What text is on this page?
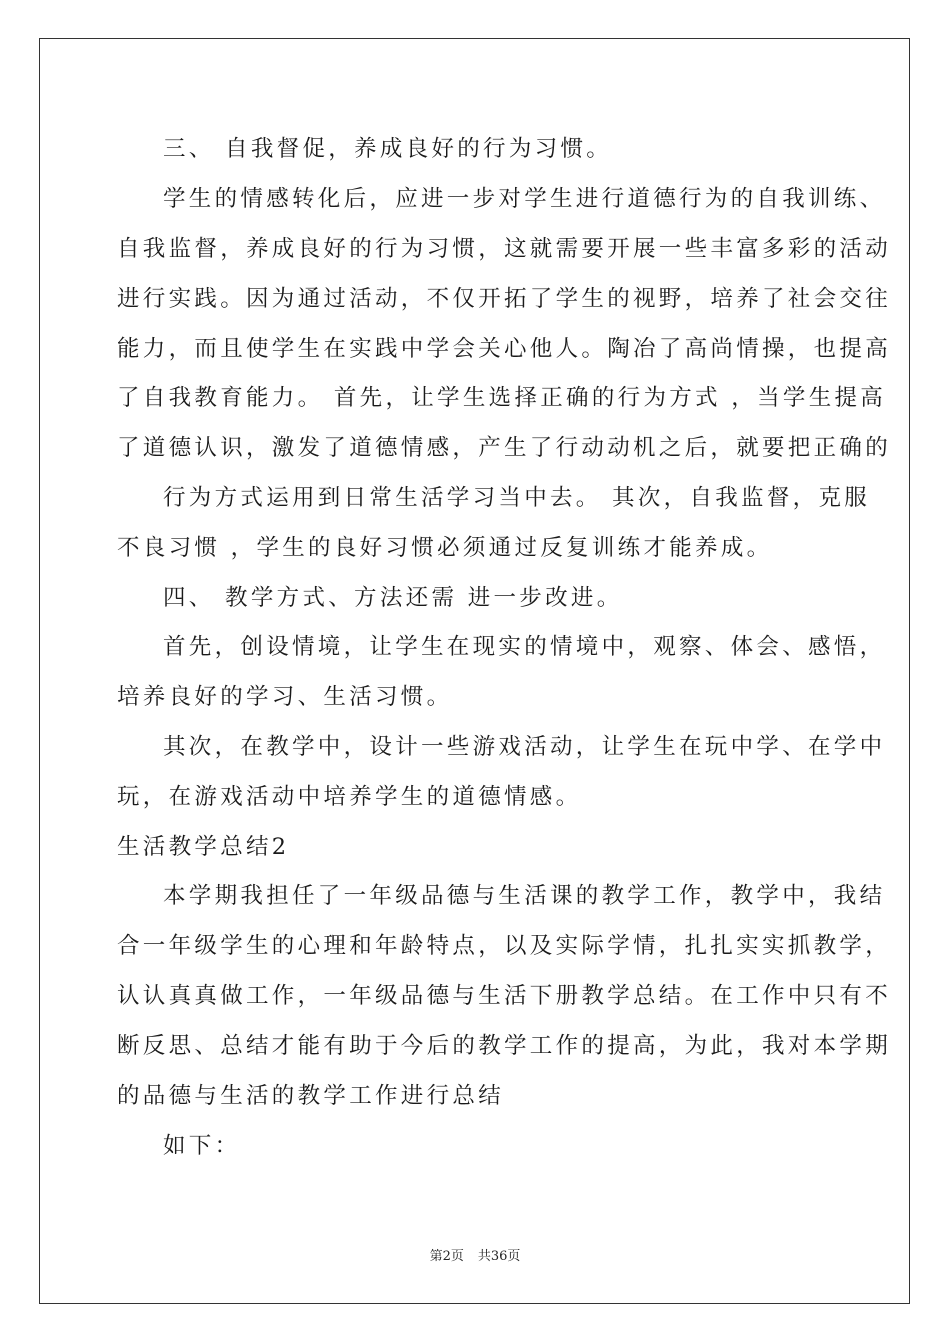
三、 自我督促，养成良好的行为习惯。
学生的情感转化后，应进一步对学生进行道德行为的自我训练、
自我监督，养成良好的行为习惯，这就需要开展一些丰富多彩的活动
进行实践。因为通过活动，不仅开拓了学生的视野，培养了社会交往
能力，而且使学生在实践中学会关心他人。陶冶了高尚情操，也提高
了自我教育能力。 首先，让学生选择正确的行为方式 ，当学生提高
了道德认识，激发了道德情感，产生了行动动机之后，就要把正确的
行为方式运用到日常生活学习当中去。 其次，自我监督，克服
不良习惯 ，学生的良好习惯必须通过反复训练才能养成。
四、 教学方式、方法还需 进一步改进。
首先，创设情境，让学生在现实的情境中，观察、体会、感悟，
培养良好的学习、生活习惯。
其次，在教学中，设计一些游戏活动，让学生在玩中学、在学中
玩，在游戏活动中培养学生的道德情感。
生活教学总结2
本学期我担任了一年级品德与生活课的教学工作，教学中，我结
合一年级学生的心理和年龄特点，以及实际学情，扎扎实实抓教学，
认认真真做工作，一年级品德与生活下册教学总结。在工作中只有不
断反思、总结才能有助于今后的教学工作的提高，为此，我对本学期
的品德与生活的教学工作进行总结
如下：
第2页 共36页
